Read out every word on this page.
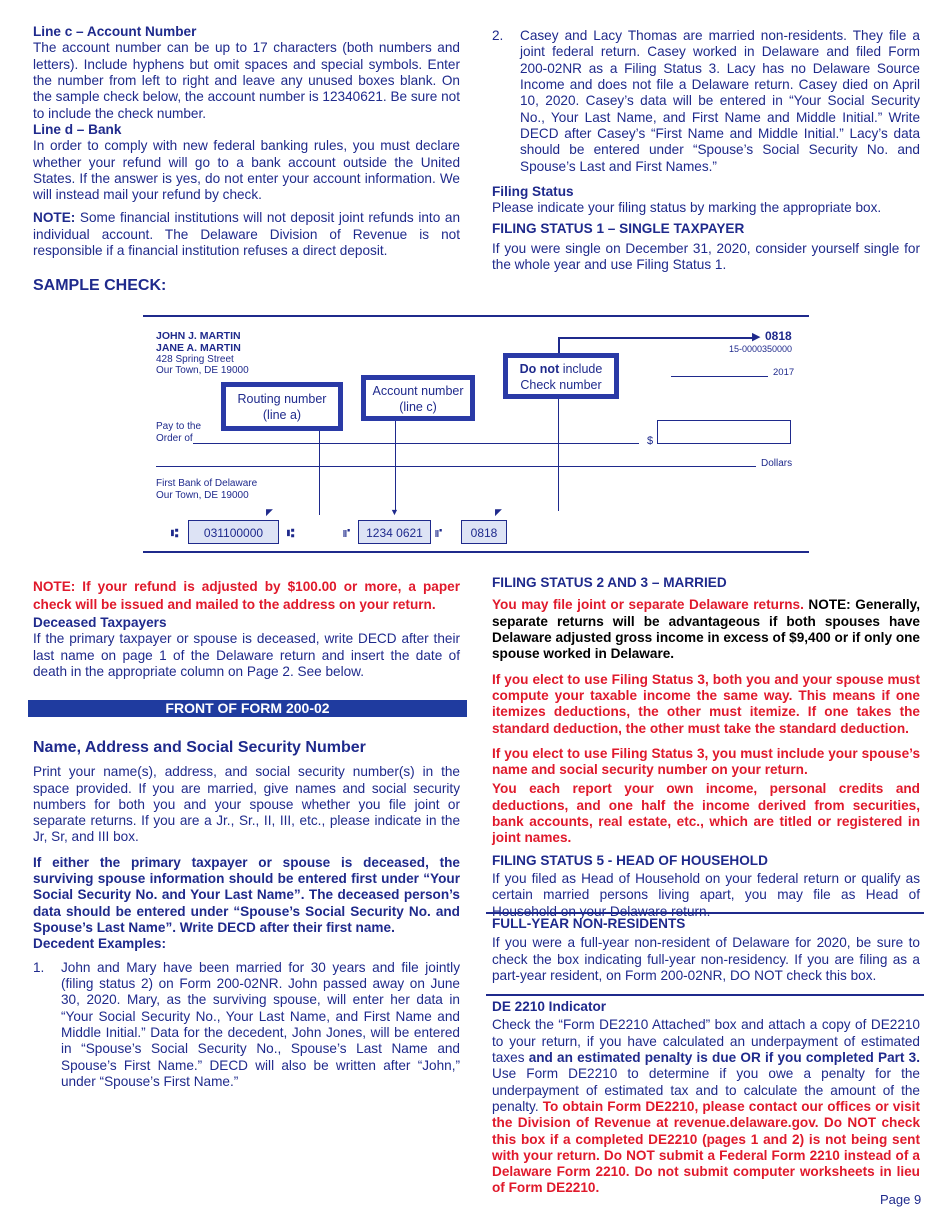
Line c – Account Number

The account number can be up to 17 characters (both numbers and letters). Include hyphens but omit spaces and special symbols. Enter the number from left to right and leave any unused boxes blank. On the sample check below, the account number is 12340621. Be sure not to include the check number.

Line d – Bank

In order to comply with new federal banking rules, you must declare whether your refund will go to a bank account outside the United States. If the answer is yes, do not enter your account information. We will instead mail your refund by check.

NOTE: Some financial institutions will not deposit joint refunds into an individual account. The Delaware Division of Revenue is not responsible if a financial institution refuses a direct deposit.

2. Casey and Lacy Thomas are married non-residents. They file a joint federal return. Casey worked in Delaware and filed Form 200-02NR as a Filing Status 3. Lacy has no Delaware Source Income and does not file a Delaware return. Casey died on April 10, 2020. Casey’s data will be entered in “Your Social Security No., Your Last Name, and First Name and Middle Initial.” Write DECD after Casey’s “First Name and Middle Initial.” Lacy’s data should be entered under “Spouse’s Social Security No. and Spouse’s Last and First Names.”

Filing Status

Please indicate your filing status by marking the appropriate box.

FILING STATUS 1 – SINGLE TAXPAYER

If you were single on December 31, 2020, consider yourself single for the whole year and use Filing Status 1.

SAMPLE CHECK:
JOHN J. MARTIN
JANE A. MARTIN
428 Spring Street
Our Town, DE 19000
0818
15-0000350000
2017
▶
Pay to the
Order of	$
Dollars
First Bank of Delaware
Our Town, DE 19000
▼
Routing number
(line a)
Account number
(line c)
Do not include
Check number
◤	◤
⑆	031100000	⑆	⑈	1234 0621	⑈	0818

NOTE: If your refund is adjusted by $100.00 or more, a paper check will be issued and mailed to the address on your return.

Deceased Taxpayers

If the primary taxpayer or spouse is deceased, write DECD after their last name on page 1 of the Delaware return and insert the date of death in the appropriate column on Page 2. See below.

FRONT OF FORM 200-02
Name, Address and Social Security Number

Print your name(s), address, and social security number(s) in the space provided. If you are married, give names and social security numbers for both you and your spouse whether you file joint or separate returns. If you are a Jr., Sr., II, III, etc., please indicate in the Jr, Sr, and III box.

If either the primary taxpayer or spouse is deceased, the surviving spouse information should be entered first under “Your Social Security No. and Your Last Name”. The deceased person’s data should be entered under “Spouse’s Social Security No. and Spouse’s Last Name”. Write DECD after their first name.

Decedent Examples:
1. John and Mary have been married for 30 years and file jointly (filing status 2) on Form 200-02NR. John passed away on June 30, 2020. Mary, as the surviving spouse, will enter her data in “Your Social Security No., Your Last Name, and First Name and Middle Initial.” Data for the decedent, John Jones, will be entered in “Spouse’s Social Security No., Spouse’s Last Name and Spouse’s First Name.” DECD will also be written after “John,” under “Spouse’s First Name.”

FILING STATUS 2 AND 3 – MARRIED

You may file joint or separate Delaware returns. NOTE: Generally, separate returns will be advantageous if both spouses have Delaware adjusted gross income in excess of $9,400 or if only one spouse worked in Delaware.

If you elect to use Filing Status 3, both you and your spouse must compute your taxable income the same way. This means if one itemizes deductions, the other must itemize. If one takes the standard deduction, the other must take the standard deduction.

If you elect to use Filing Status 3, you must include your spouse’s name and social security number on your return.

You each report your own income, personal credits and deductions, and one half the income derived from securities, bank accounts, real estate, etc., which are titled or registered in joint names.

FILING STATUS 5 - HEAD OF HOUSEHOLD

If you filed as Head of Household on your federal return or qualify as certain married persons living apart, you may file as Head of

FULL-YEAR NON-RESIDENTS

If you were a full-year non-resident of Delaware for 2020, be sure to check the box indicating full-year non-residency. If you are filing as a part-year resident, on Form 200-02NR, DO NOT check this box.

DE 2210 Indicator

Check the “Form DE2210 Attached” box and attach a copy of DE2210 to your return, if you have calculated an underpayment of estimated taxes and an estimated penalty is due OR if you completed Part 3. Use Form DE2210 to determine if you owe a penalty for the underpayment of estimated tax and to calculate the amount of the penalty. To obtain Form DE2210, please contact our offices or visit the Division of Revenue at revenue.delaware.gov. Do NOT check this box if a completed DE2210 (pages 1 and 2) is not being sent with your return. Do NOT submit a Federal Form 2210 instead of a Delaware Form 2210. Do not submit computer worksheets in lieu of Form DE2210.

Page 9
